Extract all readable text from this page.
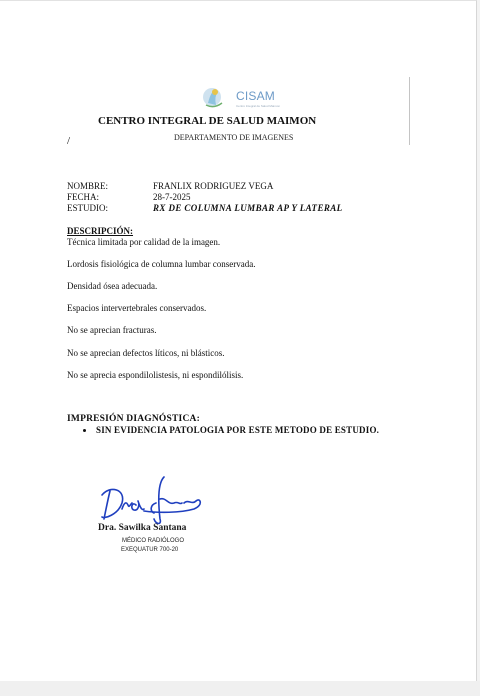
CISAM
Centro Integral de Salud Maimon
CENTRO INTEGRAL DE SALUD MAIMON
DEPARTAMENTO DE IMAGENES
/
NOMBRE:	FRANLIX RODRIGUEZ VEGA
FECHA:	28-7-2025
ESTUDIO:	RX DE COLUMNA LUMBAR AP Y LATERAL
DESCRIPCIÓN:
Técnica limitada por calidad de la imagen.
Lordosis fisiológica de columna lumbar conservada.
Densidad ósea adecuada.
Espacios intervertebrales conservados.
No se aprecian fracturas.
No se aprecian defectos líticos, ni blásticos.
No se aprecia espondilolistesis, ni espondilólisis.
IMPRESIÓN DIAGNÓSTICA:
SIN EVIDENCIA PATOLOGIA POR ESTE METODO DE ESTUDIO.
Dra. Sawilka Santana
MÉDICO RADIÓLOGO
EXEQUATUR 700-20
